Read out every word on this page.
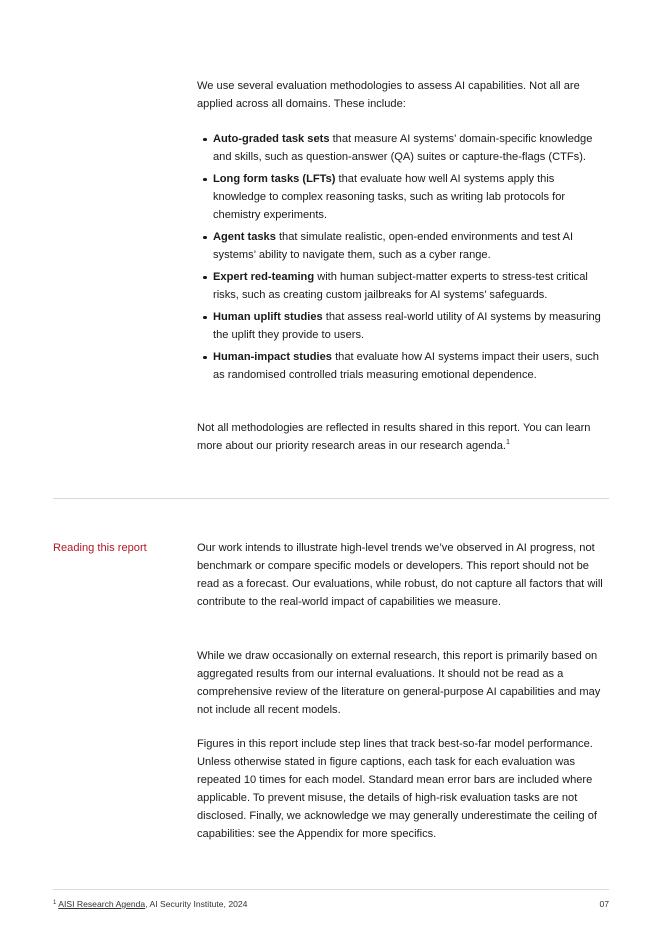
We use several evaluation methodologies to assess AI capabilities. Not all are applied across all domains. These include:

Auto-graded task sets that measure AI systems’ domain-specific knowledge and skills, such as question-answer (QA) suites or capture-the-flags (CTFs).
Long form tasks (LFTs) that evaluate how well AI systems apply this knowledge to complex reasoning tasks, such as writing lab protocols for chemistry experiments.
Agent tasks that simulate realistic, open-ended environments and test AI systems’ ability to navigate them, such as a cyber range.
Expert red-teaming with human subject-matter experts to stress-test critical risks, such as creating custom jailbreaks for AI systems’ safeguards.
Human uplift studies that assess real-world utility of AI systems by measuring the uplift they provide to users.
Human-impact studies that evaluate how AI systems impact their users, such as randomised controlled trials measuring emotional dependence.

Not all methodologies are reflected in results shared in this report. You can learn more about our priority research areas in our research agenda.$^1$

Reading this report	Our work intends to illustrate high-level trends we’ve observed in AI progress, not benchmark or compare specific models or developers. This report should not be read as a forecast. Our evaluations, while robust, do not capture all factors that will contribute to the real-world impact of capabilities we measure.

While we draw occasionally on external research, this report is primarily based on aggregated results from our internal evaluations. It should not be read as a comprehensive review of the literature on general-purpose AI capabilities and may not include all recent models.

Figures in this report include step lines that track best-so-far model performance. Unless otherwise stated in figure captions, each task for each evaluation was repeated 10 times for each model. Standard mean error bars are included where applicable. To prevent misuse, the details of high-risk evaluation tasks are not disclosed. Finally, we acknowledge we may generally underestimate the ceiling of capabilities: see the Appendix for more specifics.

$^1$ AISI Research Agenda, AI Security Institute, 2024	07
